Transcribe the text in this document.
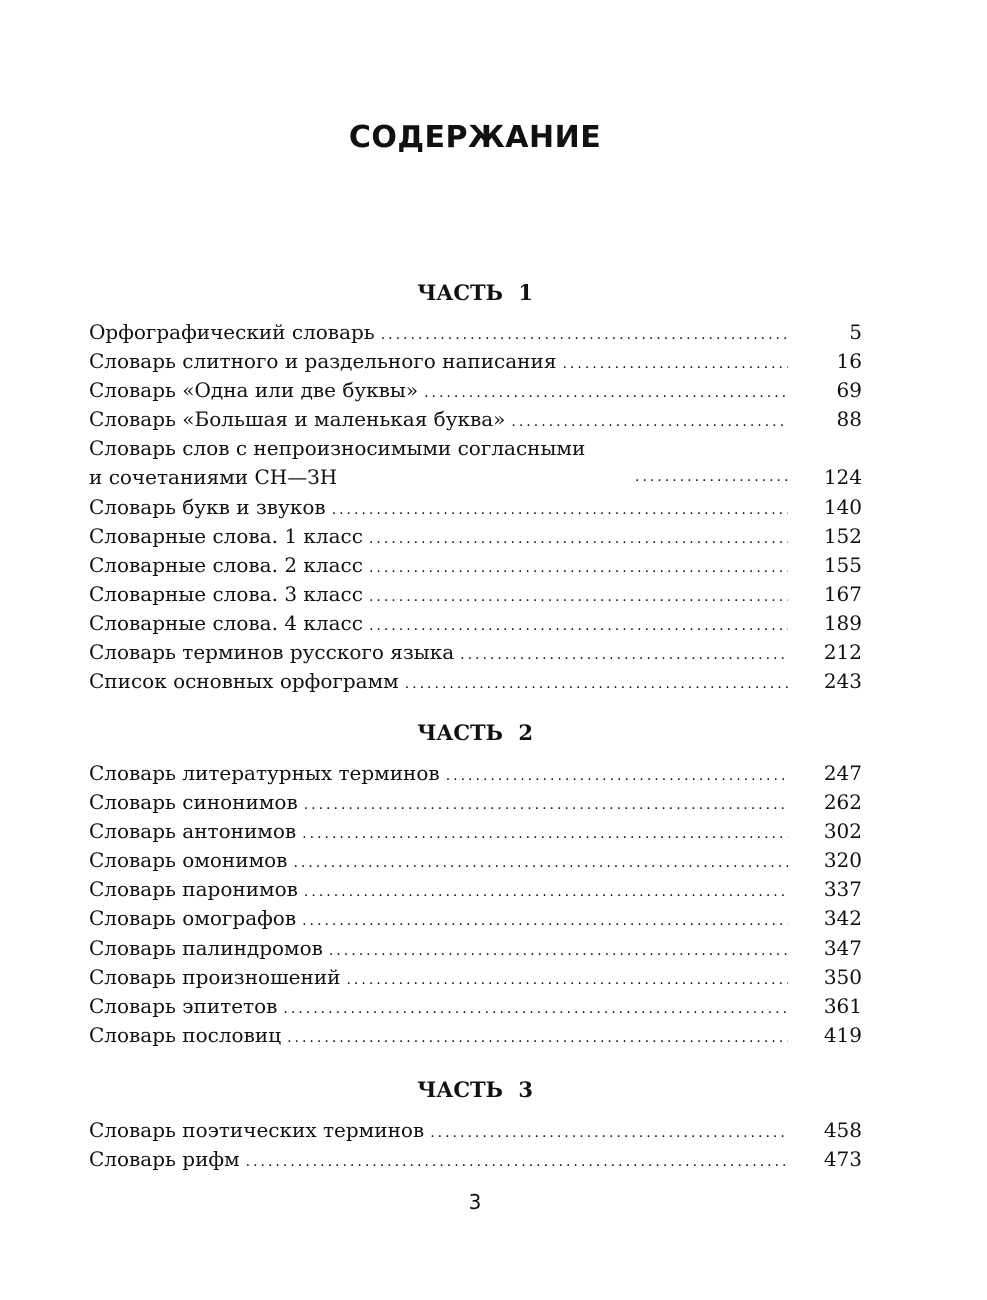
СОДЕРЖАНИЕ
ЧАСТЬ 1
Орфографический словарь .....	5
Словарь слитного и раздельного написания .....	16
Словарь «Одна или две буквы» .....	69
Словарь «Большая и маленькая буква» .....	88
Словарь слов с непроизносимыми согласными
и сочетаниями СН—ЗН .....	124
Словарь букв и звуков .....	140
Словарные слова. 1 класс .....	152
Словарные слова. 2 класс .....	155
Словарные слова. 3 класс .....	167
Словарные слова. 4 класс .....	189
Словарь терминов русского языка .....	212
Список основных орфограмм .....	243
ЧАСТЬ 2
Словарь литературных терминов .....	247
Словарь синонимов .....	262
Словарь антонимов .....	302
Словарь омонимов .....	320
Словарь паронимов .....	337
Словарь омографов .....	342
Словарь палиндромов .....	347
Словарь произношений .....	350
Словарь эпитетов .....	361
Словарь пословиц .....	419
ЧАСТЬ 3
Словарь поэтических терминов .....	458
Словарь рифм .....	473
3
